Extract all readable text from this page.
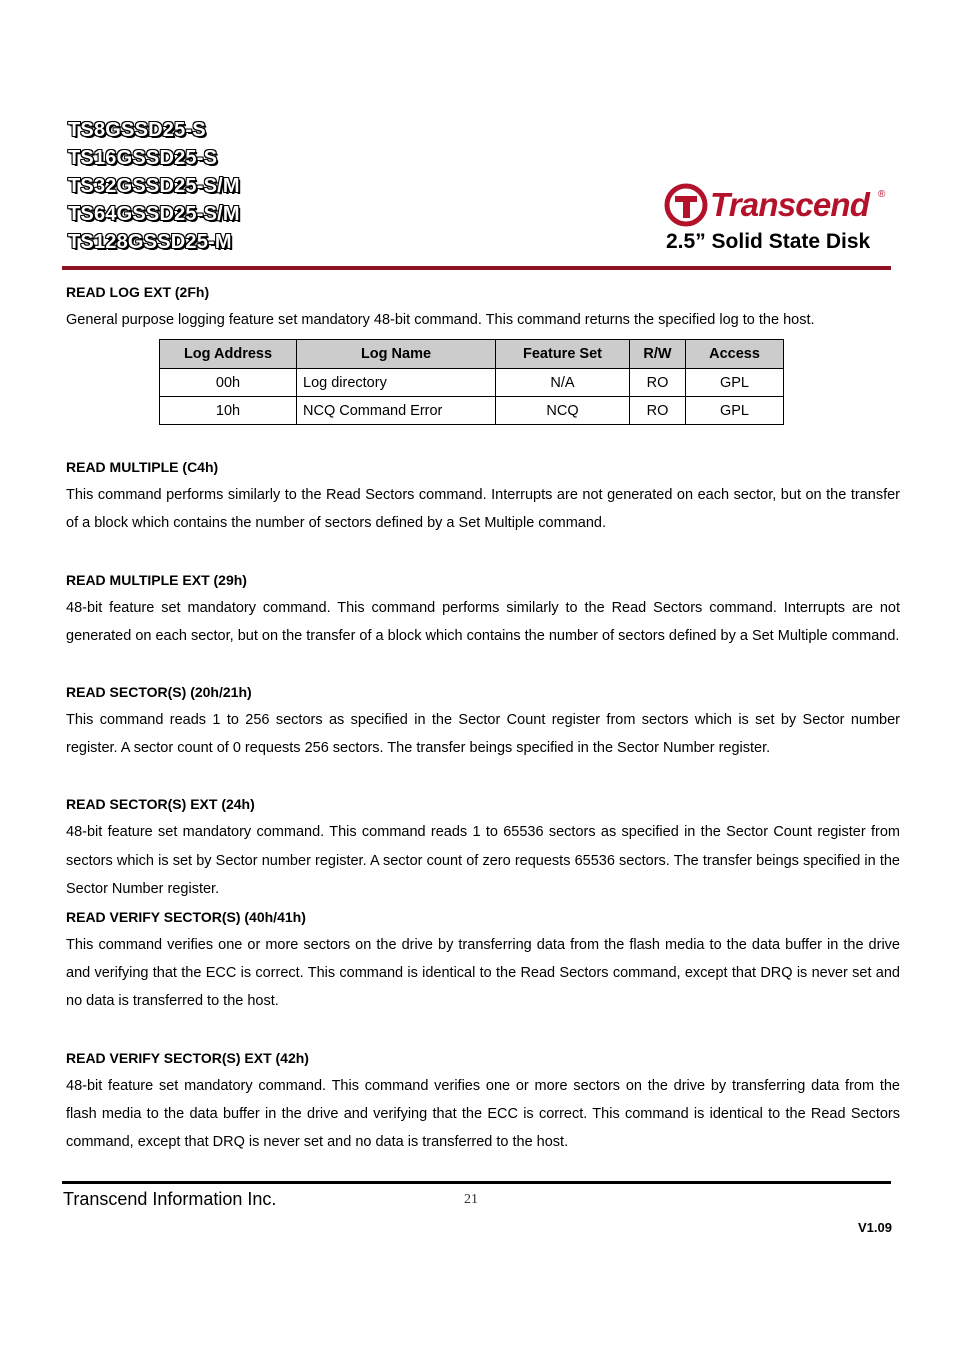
TS8GSSD25-S
TS16GSSD25-S
TS32GSSD25-S/M
TS64GSSD25-S/M
TS128GSSD25-M
Transcend ®
2.5” Solid State Disk
READ LOG EXT (2Fh)
General purpose logging feature set mandatory 48-bit command. This command returns the specified log to the host.
Log Address	Log Name	Feature Set	R/W	Access
00h	Log directory	N/A	RO	GPL
10h	NCQ Command Error	NCQ	RO	GPL
READ MULTIPLE (C4h)
This command performs similarly to the Read Sectors command. Interrupts are not generated on each sector, but on the transfer of a block which contains the number of sectors defined by a Set Multiple command.
READ MULTIPLE EXT (29h)
48-bit feature set mandatory command. This command performs similarly to the Read Sectors command. Interrupts are not generated on each sector, but on the transfer of a block which contains the number of sectors defined by a Set Multiple command.
READ SECTOR(S) (20h/21h)
This command reads 1 to 256 sectors as specified in the Sector Count register from sectors which is set by Sector number register. A sector count of 0 requests 256 sectors. The transfer beings specified in the Sector Number register.
READ SECTOR(S) EXT (24h)
48-bit feature set mandatory command. This command reads 1 to 65536 sectors as specified in the Sector Count register from sectors which is set by Sector number register. A sector count of zero requests 65536 sectors. The transfer beings specified in the Sector Number register.
READ VERIFY SECTOR(S) (40h/41h)
This command verifies one or more sectors on the drive by transferring data from the flash media to the data buffer in the drive and verifying that the ECC is correct. This command is identical to the Read Sectors command, except that DRQ is never set and no data is transferred to the host.
READ VERIFY SECTOR(S) EXT (42h)
48-bit feature set mandatory command. This command verifies one or more sectors on the drive by transferring data from the flash media to the data buffer in the drive and verifying that the ECC is correct. This command is identical to the Read Sectors command, except that DRQ is never set and no data is transferred to the host.
Transcend Information Inc.	21
V1.09
